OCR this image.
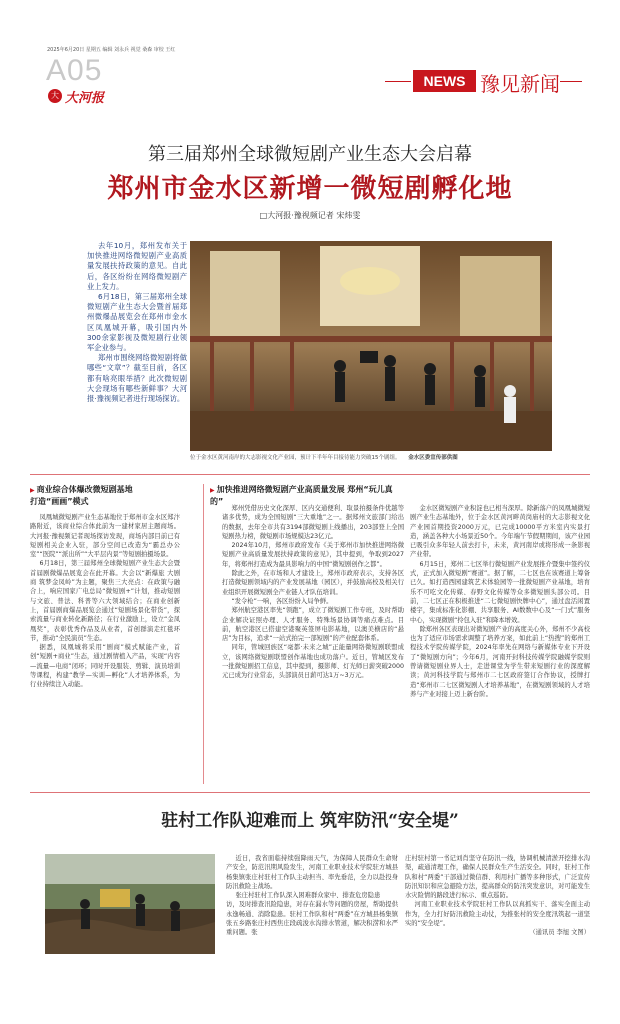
2025年6月20日 星期五 编辑 刘永兵 视觉 桑森 审校 王红
A05
大 大河报
NEWS 豫见新闻
第三届郑州全球微短剧产业生态大会启幕
郑州市金水区新增一微短剧孵化地
□大河报·豫视频记者 宋炜雯

去年10月，郑州发布关于加快推进网络微短剧产业高质量发展扶持政策的意见。自此后，各区纷纷在网络微短剧产业上发力。

6月18日，第三届郑州全球微短剧产业生态大会暨首届郑州微爆品展览会在郑州市金水区凤凰城开幕，吸引国内外300余家影视及微短剧行业领军企业参与。

郑州市围绕网络微短剧将做哪些“文章”？截至目前，各区都有啥亮眼举措？此次微短剧大会现场有哪些新鲜事？大河报·豫视频记者进行现场探访。

位于金水区黄河南岸的大志影视文化产业园，预计下半年年目接待能力突破15个剧组。 金水区委宣传部供图
▶ 商业综合体爆改微短剧基地
打造“画画”模式

凤凰城微短剧产业生态基地位于郑州市金水区郑汴路附近，该商业综合体此前为一建材家居主题商场。大河报·豫视频记者现场探访发现，商场内部目前已有短剧相关企业入驻，部分空间已改造为“霸总办公室”“医院”“派出所”“大平层内景”等短剧拍摄场景。

6月18日，第三届郑州全球微短剧产业生态大会暨首届剧微爆品展览会在此开幕。大会以“新爆旅 大剧商 筑梦金凤岭”为主题，聚焦三大亮点：在政策与融合上，响应国家广电总局“微短剧+”计划，推动短剧与文旅、普法、科普等六大领域结合；在商业创新上，首届剧商爆品展览会通过“短剧场景化带货”，探索流量与商业转化新路径；在行业激励上，设立“金凤凰奖”，表彰优秀作品及从业者，首创群演走红毯环节，推动“全民演员”生态。

据悉，凤凰城将采用“剧商”模式赋能产业，首创“短剧+商业”生态，通过剧情植入产品，实现“内容—流量—电商”闭环；同时开设服装、剪辑、演员培训等课程，构建“教学—实训—孵化”人才培养体系，为行业持续注入动能。

▶ 加快推进网络微短剧产业高质量发展 郑州“玩儿真的”

郑州凭借历史文化深厚、区内交通便利、取景拍摄条件优越等诸多优势，成为全国短剧“三大重地”之一。据郑州文旅部门给出的数据，去年全市共有3194部微短剧上线播出，203部登上全国短剧热力榜，微短剧市场规模达23亿元。

2024年10月，郑州市政府发布《关于郑州市加快推进网络微短剧产业高质量发展扶持政策的意见》，其中提到，争取到2027年，将郑州打造成为最具影响力的中国“微短剧创作之都”。

除此之外，在市场和人才建设上，郑州市政府表示，支持各区打造微短剧领域内的产业发展基地（园区），并鼓励高校及相关行业组织开展微短剧全产业链人才队伍培训。

“发令枪”一响，各区纷纷入局争鲜。

郑州航空港区率先“领跑”，成立了微短剧工作专班，及时帮助企业解决证照办理、人才服务、特殊场景协调等痛点难点。目前，航空港区已搭建空港聚英签屏电影基地，以澳美横店的“悬店”为目标，追求“一站式拍完一部短剧”的产业配套体系。

同年，管城回族区“毫都·未来之城”正能量网络微短剧联盟成立，该网络微短剧联盟创作基地也成功落户。近日，管城区发布一批微短剧招工信息，其中提到，摄影师、灯光师日薪突破2000元已成为行业常态，头部演员日薪可达1万~3万元。

金水区微短剧产业积淀也已相当深厚。除新落户的凤凰城微短剧产业生态基地外，位于金水区黄河畔黄岗庙村的大志影视文化产业园首期投资2000万元，已完成10000平方米室内实景打造，涵盖各种大小场景近50个。今年端午节假期期间，该产业园已吸引众多年轻人前去打卡，未来，黄河南岸或将形成一条影视产业带。

6月15日，郑州二七区举行微短剧产业发展推介暨集中签约仪式，正式加入微短剧“赛道”。据了解，二七区也在该赛道上筹备已久。如打造西园建筑艺术体验园等一批微短剧产业基地，培育乐不可吃文化传媒、春野文化传媒等众多微短剧头部公司。目前，二七区正在积极推进“二七微短剧快牌中心”，通过盘活闲置楼宇，集成标准化影棚、共享服务、AI数数中心及“一门式”服务中心，实现微剧“拎包入驻”和降本增效。

除郑州各区表现出对微短剧产业的高度关心外，郑州不少高校也为了适应市场需求调整了培养方案，如此前上“热搜”的郑州工程技术学院传媒学院，2024年率先在网络与新媒体专业下开设了“微短剧方向”；今年6月，河南开封科技传媒学院融媒学院则曾请微短剧业界人士，走进课堂为学生带来短剧行业的深度解读；黄河科技学院与郑州市二七区政府签订合作协议，授牌打造“郑州市二七区微短剧人才培养基地”，在微短剧领域的人才培养与产业对接上迈上新台阶。

驻村工作队迎难而上 筑牢防汛“安全堤”

近日，我省面临持续强降雨天气，为保障人民群众生命财产安全，防范汛期风险发生，河南工业职业技术学院驻方城县杨集镇张庄村驻村工作队主动担当、率先垂范，全力以赴投身防汛救险主战场。

张庄村驻村工作队深入困难群众家中、排查危房隐患

访，及时排查汛险隐患，对存在漏水等问题的房屋，帮助提供永逸畅通、消除隐患。驻村工作队和村“两委”在方城县杨集镇张五乡路张庄村西焦庄段疏浚水沟排水管道，解决积涝和水严重问题。张

庄村驻村第一书记刘肖坚守在防汛一线，协调机械清淤开挖排水沟渠，疏通清理工作，确保人民群众生产生活安全。同时，驻村工作队和村“两委”干部通过微信群、利用村广播等多种形式，广泛宣传防汛知识和应急避险方法，提高群众的防汛突发意识，对可能发生水灾险情的路段进行标示、重点巡防。

河南工业职业技术学院驻村工作队以真抓实干、落实全面主动作为，全力打好防汛救险主动仗，为推张村的安全度汛筑起一道坚实的“安全堤”。

（通讯员 李旭 文图）
